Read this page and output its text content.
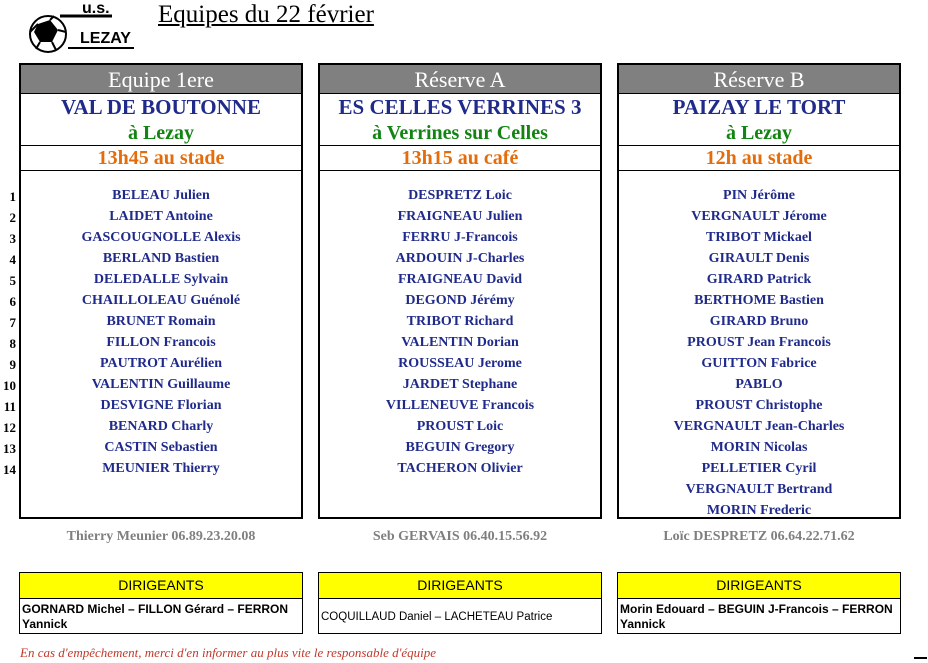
u.s.
LEZAY
Equipes du 22 février
1
2
3
4
5
6
7
8
9
10
11
12
13
14
Equipe 1ere
VAL DE BOUTONNE
à Lezay
13h45 au stade
BELEAU Julien
LAIDET Antoine
GASCOUGNOLLE Alexis
BERLAND Bastien
DELEDALLE Sylvain
CHAILLOLEAU Guénolé
BRUNET Romain
FILLON Francois
PAUTROT Aurélien
VALENTIN Guillaume
DESVIGNE Florian
BENARD Charly
CASTIN Sebastien
MEUNIER Thierry
Réserve A
ES CELLES VERRINES 3
à Verrines sur Celles
13h15 au café
DESPRETZ Loic
FRAIGNEAU Julien
FERRU J-Francois
ARDOUIN J-Charles
FRAIGNEAU David
DEGOND Jérémy
TRIBOT Richard
VALENTIN Dorian
ROUSSEAU Jerome
JARDET Stephane
VILLENEUVE Francois
PROUST Loic
BEGUIN Gregory
TACHERON Olivier
Réserve B
PAIZAY LE TORT
à Lezay
12h au stade
PIN Jérôme
VERGNAULT Jérome
TRIBOT Mickael
GIRAULT Denis
GIRARD Patrick
BERTHOME Bastien
GIRARD Bruno
PROUST Jean Francois
GUITTON Fabrice
PABLO
PROUST Christophe
VERGNAULT Jean-Charles
MORIN Nicolas
PELLETIER Cyril
VERGNAULT Bertrand
MORIN Frederic
Thierry Meunier 06.89.23.20.08	Seb GERVAIS 06.40.15.56.92	Loïc DESPRETZ 06.64.22.71.62
DIRIGEANTS
GORNARD Michel – FILLON Gérard – FERRON Yannick
DIRIGEANTS
COQUILLAUD Daniel – LACHETEAU Patrice
DIRIGEANTS
Morin Edouard – BEGUIN J-Francois – FERRON Yannick
En cas d'empêchement, merci d'en informer au plus vite le responsable d'équipe
